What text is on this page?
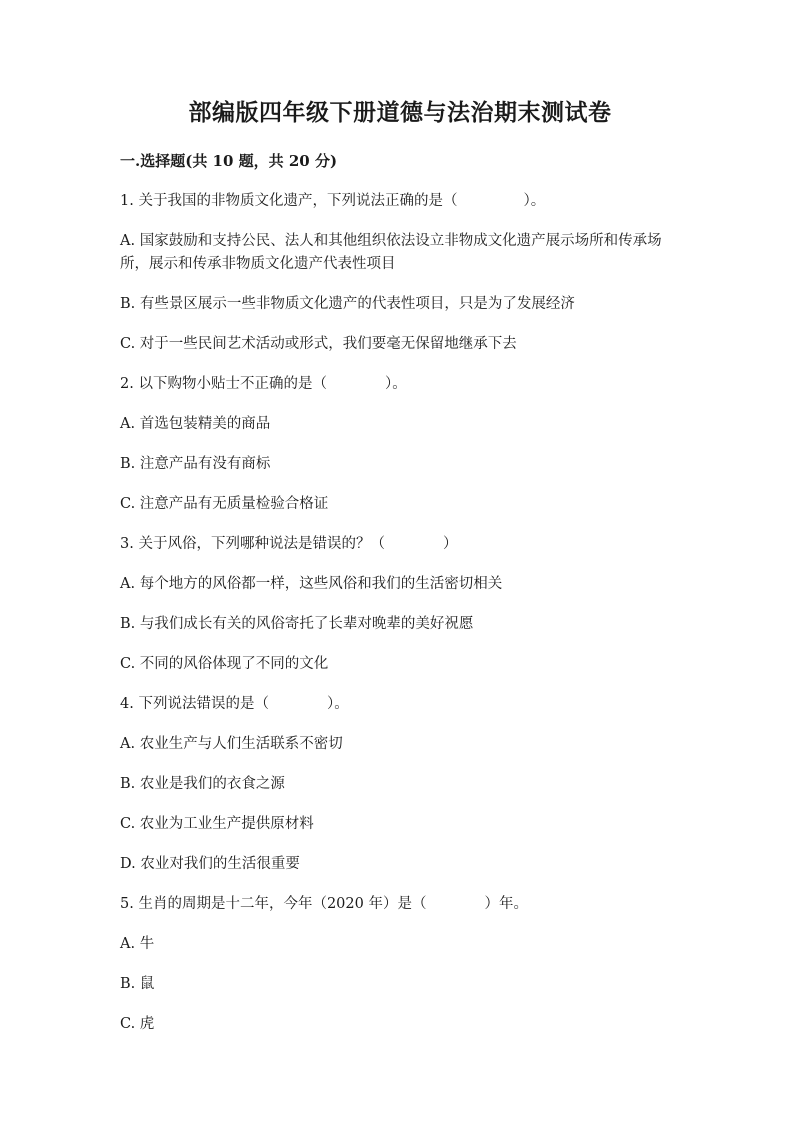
部编版四年级下册道德与法治期末测试卷
一.选择题(共 10 题，共 20 分)
1. 关于我国的非物质文化遗产，下列说法正确的是（	）。
A. 国家鼓励和支持公民、法人和其他组织依法设立非物成文化遗产展示场所和传承场所，展示和传承非物质文化遗产代表性项目
B. 有些景区展示一些非物质文化遗产的代表性项目，只是为了发展经济
C. 对于一些民间艺术活动或形式，我们要毫无保留地继承下去
2. 以下购物小贴士不正确的是（	）。
A. 首选包装精美的商品
B. 注意产品有没有商标
C. 注意产品有无质量检验合格证
3. 关于风俗，下列哪种说法是错误的？（	）
A. 每个地方的风俗都一样，这些风俗和我们的生活密切相关
B. 与我们成长有关的风俗寄托了长辈对晚辈的美好祝愿
C. 不同的风俗体现了不同的文化
4. 下列说法错误的是（	）。
A. 农业生产与人们生活联系不密切
B. 农业是我们的衣食之源
C. 农业为工业生产提供原材料
D. 农业对我们的生活很重要
5. 生肖的周期是十二年，今年（2020 年）是（	）年。
A. 牛
B. 鼠
C. 虎
